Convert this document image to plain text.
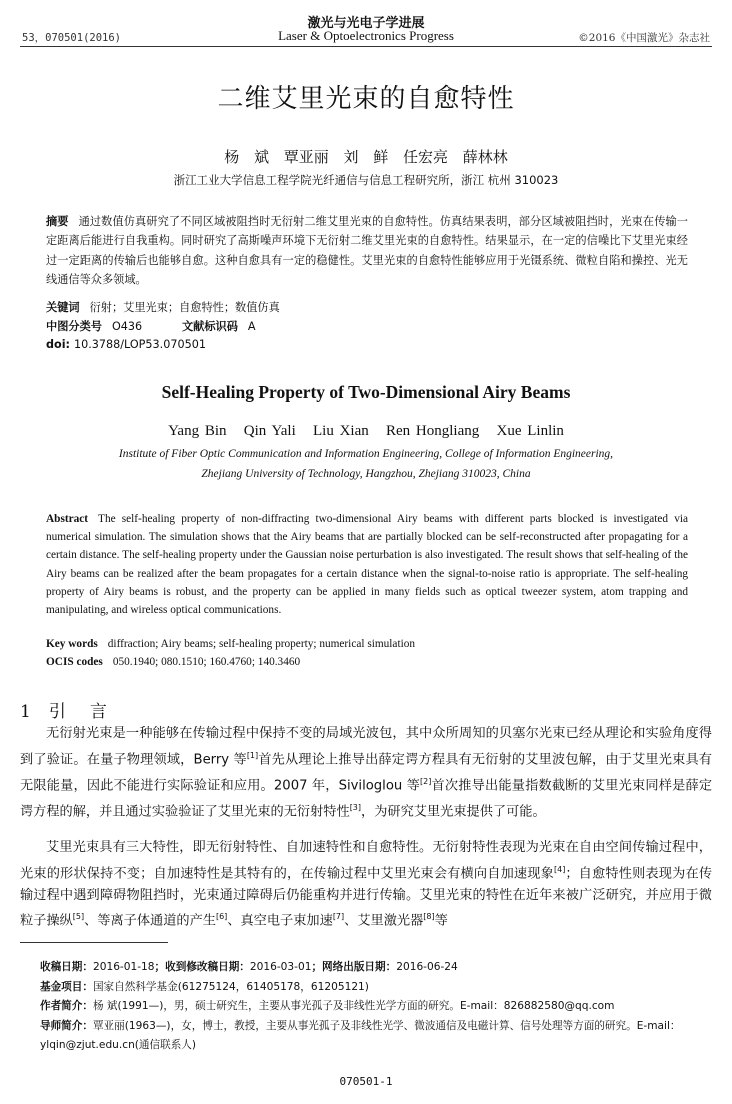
53，070501(2016)
激光与光电子学进展
Laser & Optoelectronics Progress	©2016《中国激光》杂志社
二维艾里光束的自愈特性
杨 斌 覃亚丽 刘 鲜 任宏亮 薛林林
浙江工业大学信息工程学院光纤通信与信息工程研究所，浙江 杭州 310023
摘要 通过数值仿真研究了不同区域被阻挡时无衍射二维艾里光束的自愈特性。仿真结果表明，部分区域被阻挡时，光束在传输一定距离后能进行自我重构。同时研究了高斯噪声环境下无衍射二维艾里光束的自愈特性。结果显示，在一定的信噪比下艾里光束经过一定距离的传输后也能够自愈。这种自愈具有一定的稳健性。艾里光束的自愈特性能够应用于光镊系统、微粒自陷和操控、光无线通信等众多领域。
关键词 衍射；艾里光束；自愈特性；数值仿真
中图分类号 O436	文献标识码 A
doi: 10.3788/LOP53.070501
Self-Healing Property of Two-Dimensional Airy Beams
Yang Bin   Qin Yali   Liu Xian   Ren Hongliang   Xue Linlin
Institute of Fiber Optic Communication and Information Engineering, College of Information Engineering,
Zhejiang University of Technology, Hangzhou, Zhejiang 310023, China
Abstract The self-healing property of non-diffracting two-dimensional Airy beams with different parts blocked is investigated via numerical simulation. The simulation shows that the Airy beams that are partially blocked can be self-reconstructed after propagating for a certain distance. The self-healing property under the Gaussian noise perturbation is also investigated. The result shows that self-healing of the Airy beams can be realized after the beam propagates for a certain distance when the signal-to-noise ratio is appropriate. The self-healing property of Airy beams is robust, and the property can be applied in many fields such as optical tweezer system, atom trapping and manipulating, and wireless optical communications.
Key words diffraction; Airy beams; self-healing property; numerical simulation
OCIS codes 050.1940; 080.1510; 160.4760; 140.3460
1 引言
无衍射光束是一种能够在传输过程中保持不变的局域光波包，其中众所周知的贝塞尔光束已经从理论和实验角度得到了验证。在量子物理领域，Berry 等[1]首先从理论上推导出薛定谔方程具有无衍射的艾里波包解，由于艾里光束具有无限能量，因此不能进行实际验证和应用。2007 年，Siviloglou 等[2]首次推导出能量指数截断的艾里光束同样是薛定谔方程的解，并且通过实验验证了艾里光束的无衍射特性[3]，为研究艾里光束提供了可能。
艾里光束具有三大特性，即无衍射特性、自加速特性和自愈特性。无衍射特性表现为光束在自由空间传输过程中，光束的形状保持不变；自加速特性是其特有的，在传输过程中艾里光束会有横向自加速现象[4]；自愈特性则表现为在传输过程中遇到障碍物阻挡时，光束通过障碍后仍能重构并进行传输。艾里光束的特性在近年来被广泛研究，并应用于微粒子操纵[5]、等离子体通道的产生[6]、真空电子束加速[7]、艾里激光器[8]等
收稿日期：2016-01-18；收到修改稿日期：2016-03-01；网络出版日期：2016-06-24
基金项目：国家自然科学基金(61275124，61405178，61205121)
作者简介：杨 斌(1991—)，男，硕士研究生，主要从事光孤子及非线性光学方面的研究。E-mail：826882580@qq.com
导师简介：覃亚丽(1963—)，女，博士，教授，主要从事光孤子及非线性光学、微波通信及电磁计算、信号处理等方面的研究。E-mail：ylqin@zjut.edu.cn(通信联系人)
070501-1
